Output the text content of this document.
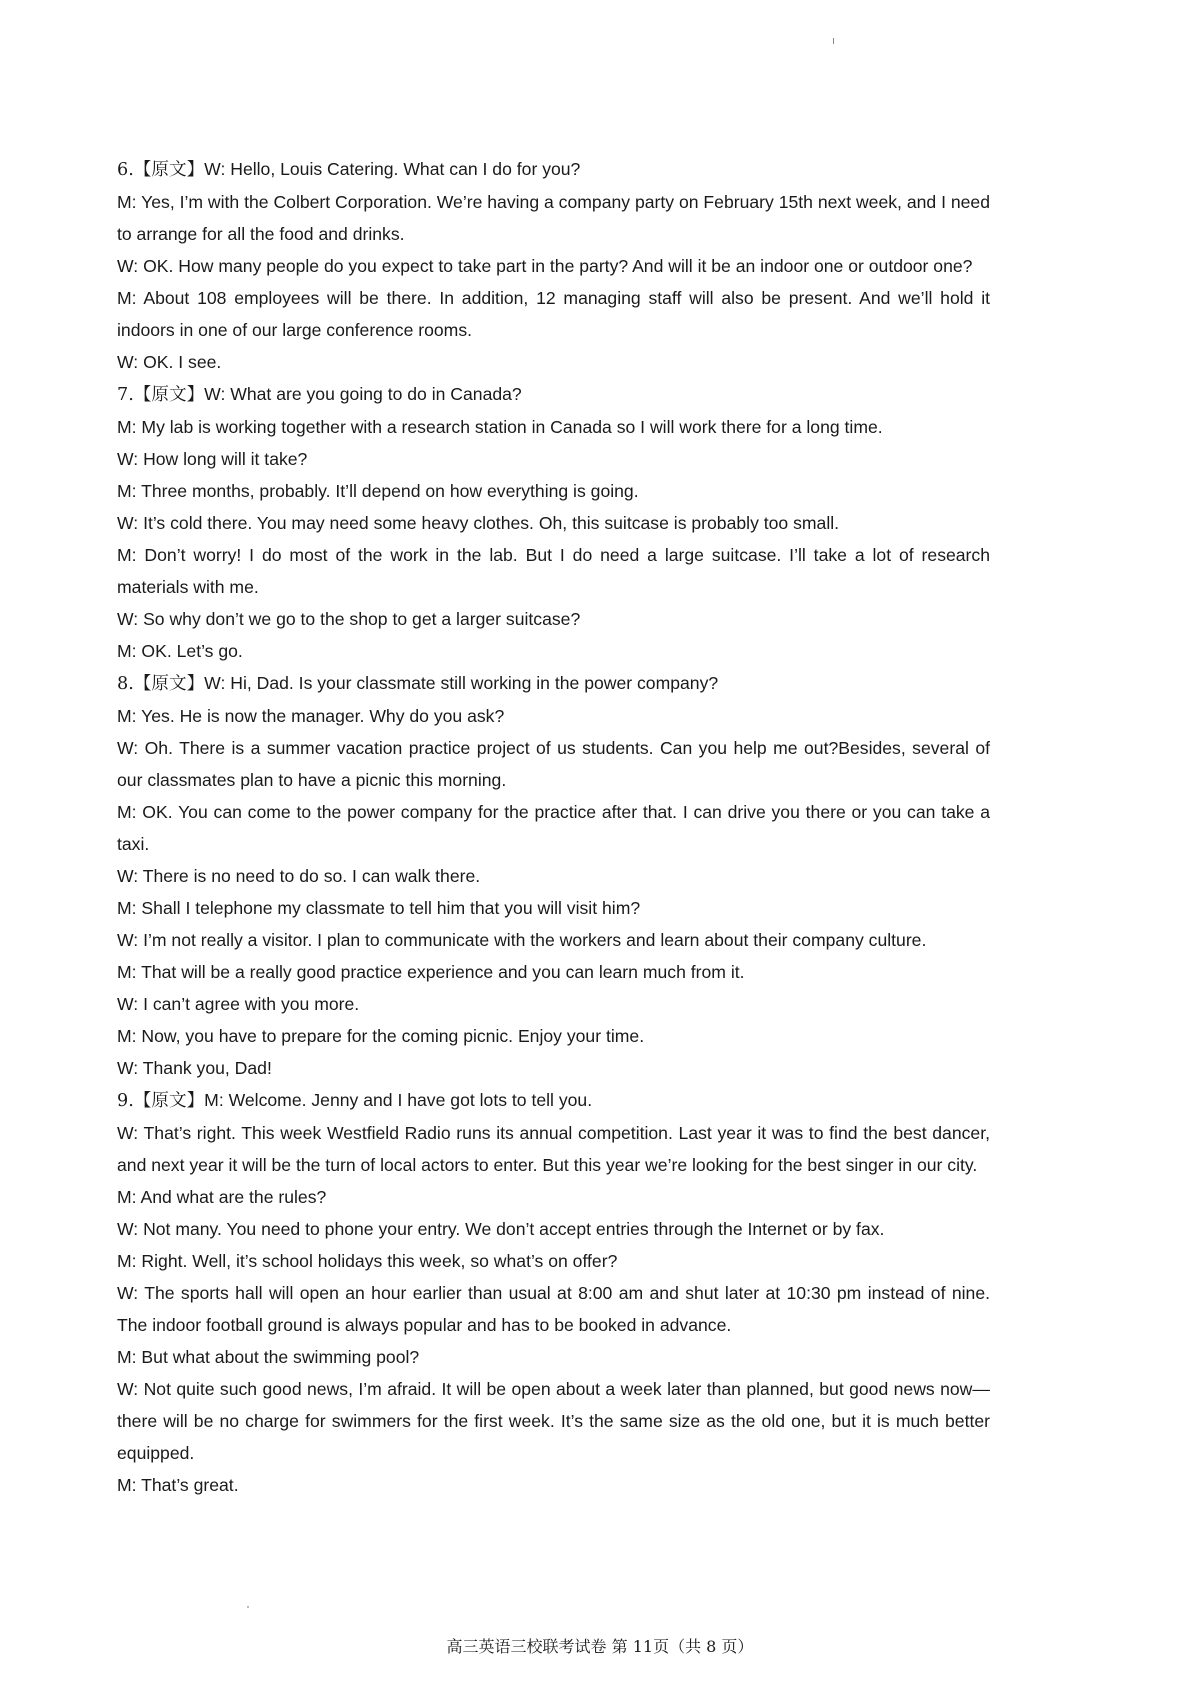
6.【原文】W: Hello, Louis Catering. What can I do for you?

M: Yes, I’m with the Colbert Corporation. We’re having a company party on February 15th next week, and I need to arrange for all the food and drinks.

W: OK. How many people do you expect to take part in the party? And will it be an indoor one or outdoor one?

M: About 108 employees will be there. In addition, 12 managing staff will also be present. And we’ll hold it indoors in one of our large conference rooms.

W: OK. I see.

7.【原文】W: What are you going to do in Canada?

M: My lab is working together with a research station in Canada so I will work there for a long time.

W: How long will it take?

M: Three months, probably. It’ll depend on how everything is going.

W: It’s cold there. You may need some heavy clothes. Oh, this suitcase is probably too small.

M: Don’t worry! I do most of the work in the lab. But I do need a large suitcase. I’ll take a lot of research materials with me.

W: So why don’t we go to the shop to get a larger suitcase?

M: OK. Let’s go.

8.【原文】W: Hi, Dad. Is your classmate still working in the power company?

M: Yes. He is now the manager. Why do you ask?

W: Oh. There is a summer vacation practice project of us students. Can you help me out?Besides, several of our classmates plan to have a picnic this morning.

M: OK. You can come to the power company for the practice after that. I can drive you there or you can take a taxi.

W: There is no need to do so. I can walk there.

M: Shall I telephone my classmate to tell him that you will visit him?

W: I’m not really a visitor. I plan to communicate with the workers and learn about their company culture.

M: That will be a really good practice experience and you can learn much from it.

W: I can’t agree with you more.

M: Now, you have to prepare for the coming picnic. Enjoy your time.

W: Thank you, Dad!

9.【原文】M: Welcome. Jenny and I have got lots to tell you.

W: That’s right. This week Westfield Radio runs its annual competition. Last year it was to find the best dancer, and next year it will be the turn of local actors to enter. But this year we’re looking for the best singer in our city.

M: And what are the rules?

W: Not many. You need to phone your entry. We don’t accept entries through the Internet or by fax.

M: Right. Well, it’s school holidays this week, so what’s on offer?

W: The sports hall will open an hour earlier than usual at 8:00 am and shut later at 10:30 pm instead of nine. The indoor football ground is always popular and has to be booked in advance.

M: But what about the swimming pool?

W: Not quite such good news, I’m afraid. It will be open about a week later than planned, but good news now—there will be no charge for swimmers for the first week. It’s the same size as the old one, but it is much better equipped.

M: That’s great.

高三英语三校联考试卷 第 11页（共 8 页）
